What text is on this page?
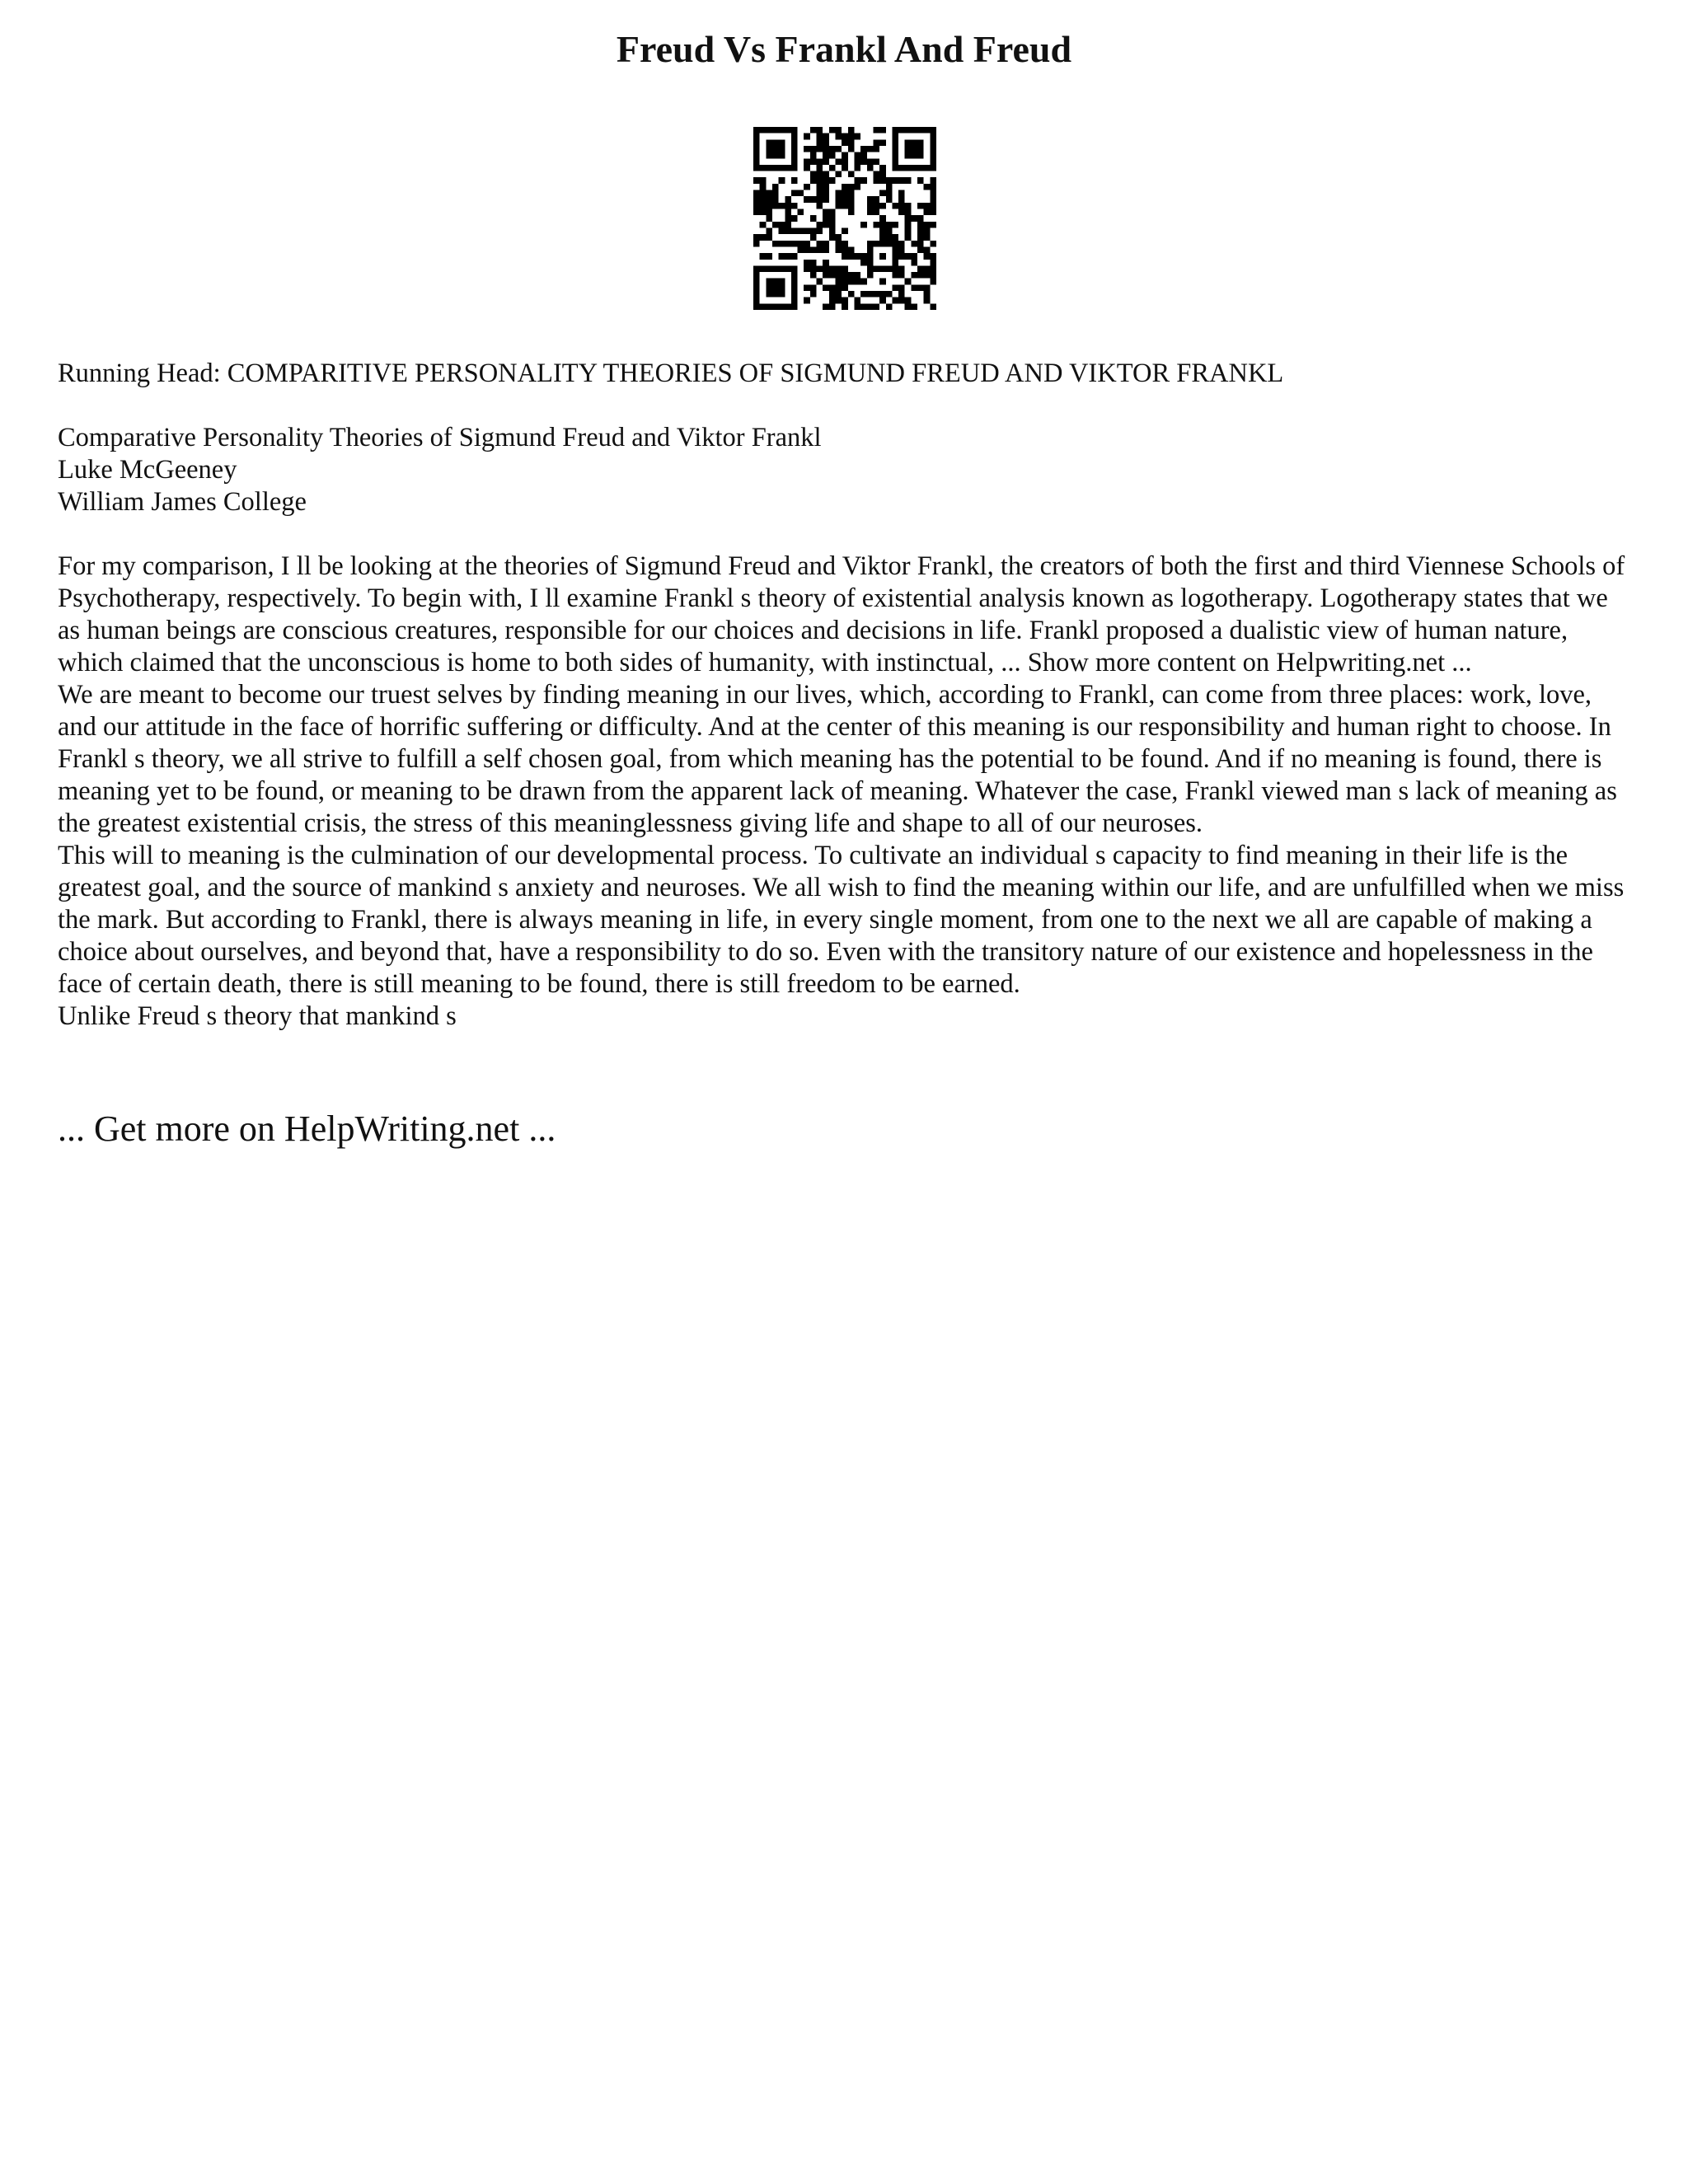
Freud Vs Frankl And Freud

Running Head: COMPARITIVE PERSONALITY THEORIES OF SIGMUND FREUD AND VIKTOR FRANKL

Comparative Personality Theories of Sigmund Freud and Viktor Frankl

Luke McGeeney

William James College

For my comparison, I ll be looking at the theories of Sigmund Freud and Viktor Frankl, the creators of both the first and third Viennese Schools of Psychotherapy, respectively. To begin with, I ll examine Frankl s theory of existential analysis known as logotherapy. Logotherapy states that we as human beings are conscious creatures, responsible for our choices and decisions in life. Frankl proposed a dualistic view of human nature, which claimed that the unconscious is home to both sides of humanity, with instinctual, ... Show more content on Helpwriting.net ...

We are meant to become our truest selves by finding meaning in our lives, which, according to Frankl, can come from three places: work, love, and our attitude in the face of horrific suffering or difficulty. And at the center of this meaning is our responsibility and human right to choose. In Frankl s theory, we all strive to fulfill a self chosen goal, from which meaning has the potential to be found. And if no meaning is found, there is meaning yet to be found, or meaning to be drawn from the apparent lack of meaning. Whatever the case, Frankl viewed man s lack of meaning as the greatest existential crisis, the stress of this meaninglessness giving life and shape to all of our neuroses.

This will to meaning is the culmination of our developmental process. To cultivate an individual s capacity to find meaning in their life is the greatest goal, and the source of mankind s anxiety and neuroses. We all wish to find the meaning within our life, and are unfulfilled when we miss the mark. But according to Frankl, there is always meaning in life, in every single moment, from one to the next we all are capable of making a choice about ourselves, and beyond that, have a responsibility to do so. Even with the transitory nature of our existence and hopelessness in the face of certain death, there is still meaning to be found, there is still freedom to be earned.

Unlike Freud s theory that mankind s

... Get more on HelpWriting.net ...
